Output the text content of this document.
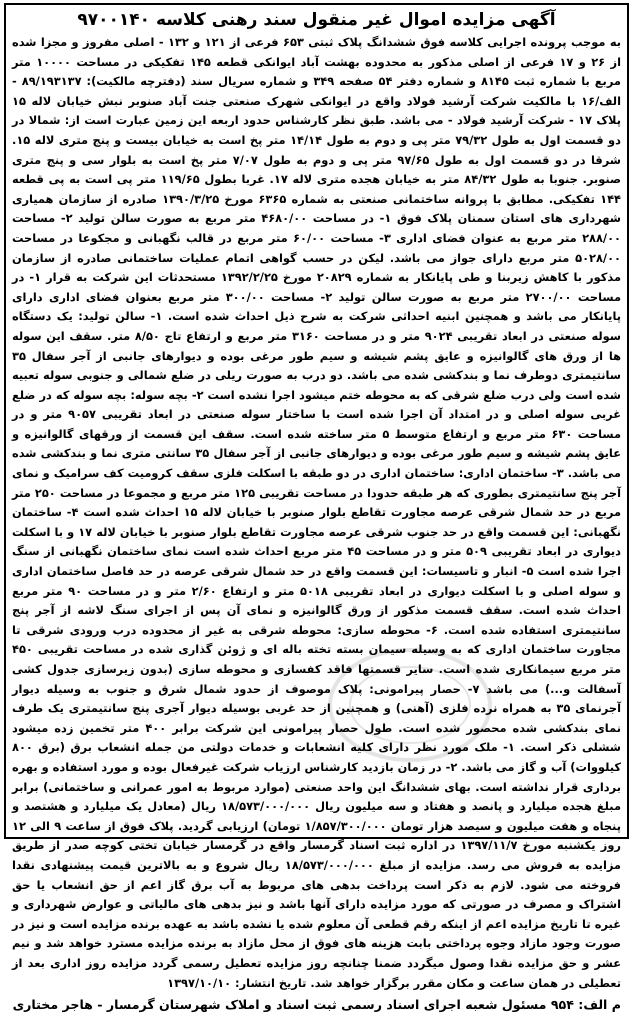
آگهی مزایده اموال غیر منقول سند رهنی کلاسه ۹۷۰۰۱۴۰
به موجب پرونده اجرایی کلاسه فوق ششدانگ پلاک ثبتی ۶۵۳ فرعی از ۱۲۱ و ۱۳۲ - اصلی مفروز و مجزا شده از ۲۶ و ۱۷ فرعی از اصلی مذکور به محدوده بهشت آباد ایوانکی قطعه ۱۴۵ تفکیکی در مساحت ۱۰۰۰۰ متر مربع با شماره ثبت ۸۱۴۵ و شماره دفتر ۵۴ صفحه ۳۴۹ و شماره سریال سند (دفترچه مالکیت): ۸۹/۱۹۳۱۳۷ - الف/۱۶ با مالکیت شرکت آرشید فولاد واقع در ایوانکی شهرک صنعتی جنت آباد صنوبر نبش خیابان لاله ۱۵ پلاک ۱۷ - شرکت آرشید فولاد - می باشد. طبق نظر کارشناس حدود اربعه این زمین عبارت است از: شمالا در دو قسمت اول به طول ۷۹/۳۲ متر پی و دوم به طول ۱۴/۱۴ متر پخ است به خیابان بیست و پنج متری لاله ۱۵. شرقا در دو قسمت اول به طول ۹۷/۶۵ متر پی و دوم به طول ۷/۰۷ متر پخ است به بلوار سی و پنج متری صنوبر. جنوبا به طول ۸۴/۳۲ متر به خیابان هجده متری لاله ۱۷. غربا بطول ۱۱۹/۶۵ متر پی است به پی قطعه ۱۴۴ تفکیکی. مطابق با پروانه ساختمانی صنعتی به شماره ۶۳۶۵ مورخ ۱۳۹۰/۳/۲۵ صادره از سازمان همیاری شهرداری های استان سمنان پلاک فوق ۱- در مساحت ۴۶۸۰/۰۰ متر مربع به صورت سالن تولید ۲- مساحت ۲۸۸/۰۰ متر مربع به عنوان فضای اداری ۳- مساحت ۶۰/۰۰ متر مربع در قالب نگهبانی و مجکوعا در مساحت ۵۰۲۸/۰۰ متر مربع دارای جواز می باشد. لیکن در حسب گواهی اتمام عملیات ساختمانی صادره از سازمان مذکور با کاهش زیربنا و طی پایانکار به شماره ۲۰۸۲۹ مورخ ۱۳۹۲/۲/۲۵ مستحدثات این شرکت به قرار ۱- در مساحت ۲۷۰۰/۰۰ متر مربع به صورت سالن تولید ۲- مساحت ۳۰۰/۰۰ متر مربع بعنوان فضای اداری دارای پایانکار می باشد و همچنین ابنیه احداثی شرکت به شرح ذیل احداث شده است. ۱- سالن تولید: یک دستگاه سوله صنعتی در ابعاد تقریبی ۹۰۲۴ متر و در مساحت ۳۱۶۰ متر مربع و ارتفاع تاج ۸/۵۰ متر. سقف این سوله ها از ورق های گالوانیزه و عایق پشم شیشه و سیم طور مرغی بوده و دیوارهای جانبی از آجر سفال ۳۵ سانتیمتری دوطرف نما و بندکشی شده می باشد. دو درب به صورت ریلی در ضلع شمالی و جنوبی سوله تعبیه شده است ولی درب ضلع شرقی که به محوطه ختم میشود اجرا نشده است ۲- بچه سوله: بچه سوله که در ضلع غربی سوله اصلی و در امتداد آن اجرا شده است با ساختار سوله صنعتی در ابعاد تقریبی ۹۰۵۷ متر و در مساحت ۶۳۰ متر مربع و ارتفاع متوسط ۵ متر ساخته شده است. سقف این قسمت از ورقهای گالوانیزه و عایق پشم شیشه و سیم طور مرغی بوده و دیوارهای جانبی از آجر سفال ۳۵ سانتی متری نما و بندکشی شده می باشد. ۳- ساختمان اداری: ساختمان اداری در دو طبقه با اسکلت فلزی سقف کرومیت کف سرامیک و نمای آجر پنج سانتیمتری بطوری که هر طبقه حدودا در مساحت تقریبی ۱۲۵ متر مربع و مجموعا در مساحت ۲۵۰ متر مربع در حد شمال شرقی عرصه مجاورت تقاطع بلوار صنوبر با خیابان لاله ۱۵ احداث شده است ۴- ساختمان نگهبانی: این قسمت واقع در حد جنوب شرقی عرصه مجاورت تقاطع بلوار صنوبر با خیابان لاله ۱۷ و با اسکلت دیواری در ابعاد تقریبی ۵۰۹ متر و در مساحت ۴۵ متر مربع احداث شده است نمای ساختمان نگهبانی از سنگ اجرا شده است ۵- انبار و تاسیسات: این قسمت واقع در حد شمال شرقی عرصه در حد فاصل ساختمان اداری و سوله اصلی و با اسکلت دیواری در ابعاد تقریبی ۵۰۱۸ متر و ارتفاع ۲/۶۰ متر و در مساحت ۹۰ متر مربع احداث شده است. سقف قسمت مذکور از ورق گالوانیزه و نمای آن پس از اجرای سنگ لاشه از آجر پنج سانتیمتری استفاده شده است. ۶- محوطه سازی: محوطه شرقی به غیر از محدوده درب ورودی شرقی تا مجاورت ساختمان اداری که به وسیله سیمان بسته تخته باله ای و ژوئن گذاری شده در مساحت تقریبی ۴۵۰ متر مربع سیمانکاری شده است. سایر قسمتها فاقد کفسازی و محوطه سازی (بدون زیرسازی جدول کشی آسفالت و...) می باشد ۷- حصار پیرامونی: پلاک موصوف از حدود شمال شرق و جنوب به وسیله دیوار آجرنمای ۳۵ به همراه نرده فلزی (آهنی) و همچنین از حد غربی بوسیله دیوار آجری پنج سانتیمتری یک طرف نمای بندکشی شده محصور شده است. طول حصار پیرامونی این شرکت برابر ۴۰۰ متر تخمین زده میشود ششلی ذکر است. ۱- ملک مورد نظر دارای کلیه انشعابات و خدمات دولتی من جمله انشعاب برق (برق ۸۰۰ کیلووات) آب و گاز می باشد. ۲- در زمان بازدید کارشناس ارزیاب شرکت غیرفعال بوده و مورد استفاده و بهره برداری قرار نداشته است. بهای ششدانگ این واحد صنعتی (موارد مربوط به امور عمرانی و ساختمانی) برابر مبلغ هجده میلیارد و پانصد و هفتاد و سه میلیون ریال ۱۸/۵۷۳/۰۰۰/۰۰۰ ریال (معادل یک میلیارد و هشتصد و پنجاه و هفت میلیون و سیصد هزار تومان ۱/۸۵۷/۳۰۰/۰۰۰ تومان) ارزیابی گردید. پلاک فوق از ساعت ۹ الی ۱۲ روز یکشنبه مورخ ۱۳۹۷/۱۱/۷ در اداره ثبت اسناد گرمسار واقع در گرمسار خیابان تختی کوچه صدر از طریق مزایده به فروش می رسد. مزایده از مبلغ ۱۸/۵۷۳/۰۰۰/۰۰۰ ریال شروع و به بالاترین قیمت پیشنهادی نقدا فروخته می شود. لازم به ذکر است پرداخت بدهی های مربوط به آب برق گاز اعم از حق انشعاب یا حق اشتراک و مصرف در صورتی که مورد مزایده دارای آنها باشد و نیز بدهی های مالیاتی و عوارض شهرداری و غیره تا تاریخ مزایده اعم از اینکه رقم قطعی آن معلوم شده یا نشده باشد به عهده برنده مزایده است و نیز در صورت وجود مازاد وجوه پرداختی بابت هزینه های فوق از محل مازاد به برنده مزایده مسترد خواهد شد و نیم عشر و حق مزایده نقدا وصول میگردد ضمنا چنانچه روز مزایده تعطیل رسمی گردد مزایده روز اداری بعد از تعطیلی در همان ساعت و مکان مقرر برگزار خواهد شد. تاریخ انتشار: ۱۳۹۷/۱۰/۱۰
م الف: ۹۵۴ مسئول شعبه اجرای اسناد رسمی ثبت اسناد و املاک شهرستان گرمسار - هاجر مختاری
